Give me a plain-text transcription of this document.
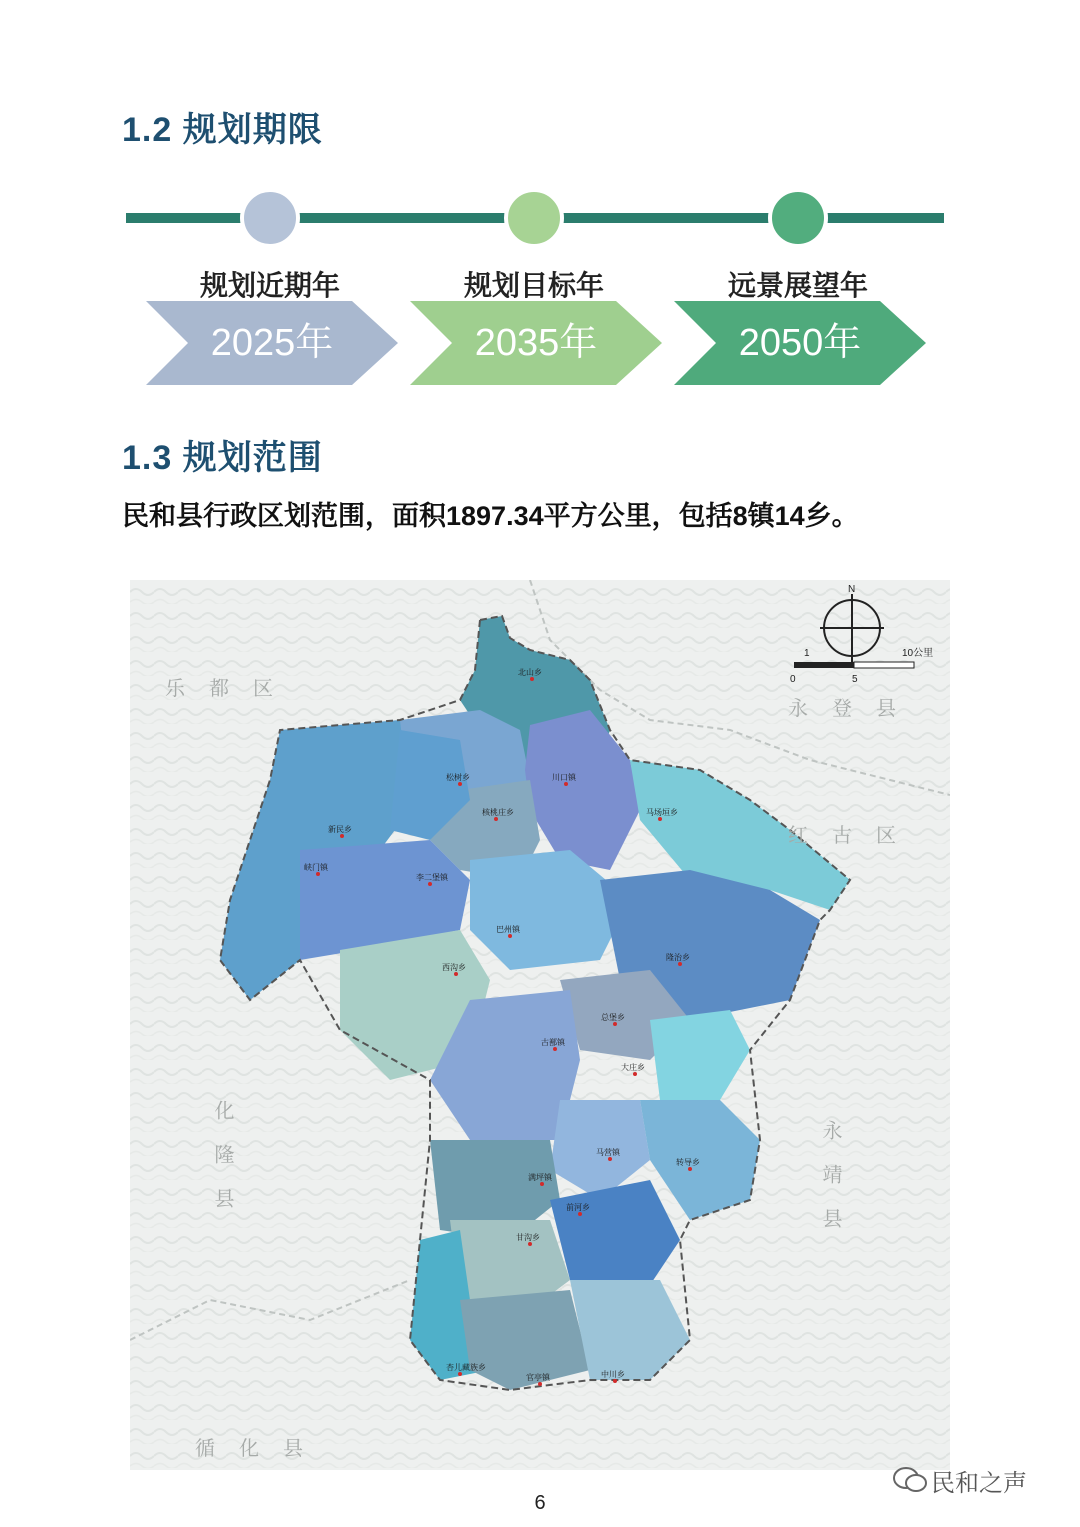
1.2 规划期限
规划近期年	规划目标年	远景展望年
2025年	2035年	2050年
1.3 规划范围
民和县行政区划范围，面积1897.34平方公里，包括8镇14乡。
N
0
1
5
10公里
乐都区
永登县
红古区
循化县
化隆县	永靖县
北山乡
松树乡	川口镇
核桃庄乡	马场垣乡
新民乡
李二堡镇
峡门镇
巴州镇
隆治乡
西沟乡
总堡乡
古鄯镇
大庄乡
马营镇
转导乡
满坪镇
前河乡
甘沟乡
杏儿藏族乡
官亭镇	中川乡
6
民和之声
